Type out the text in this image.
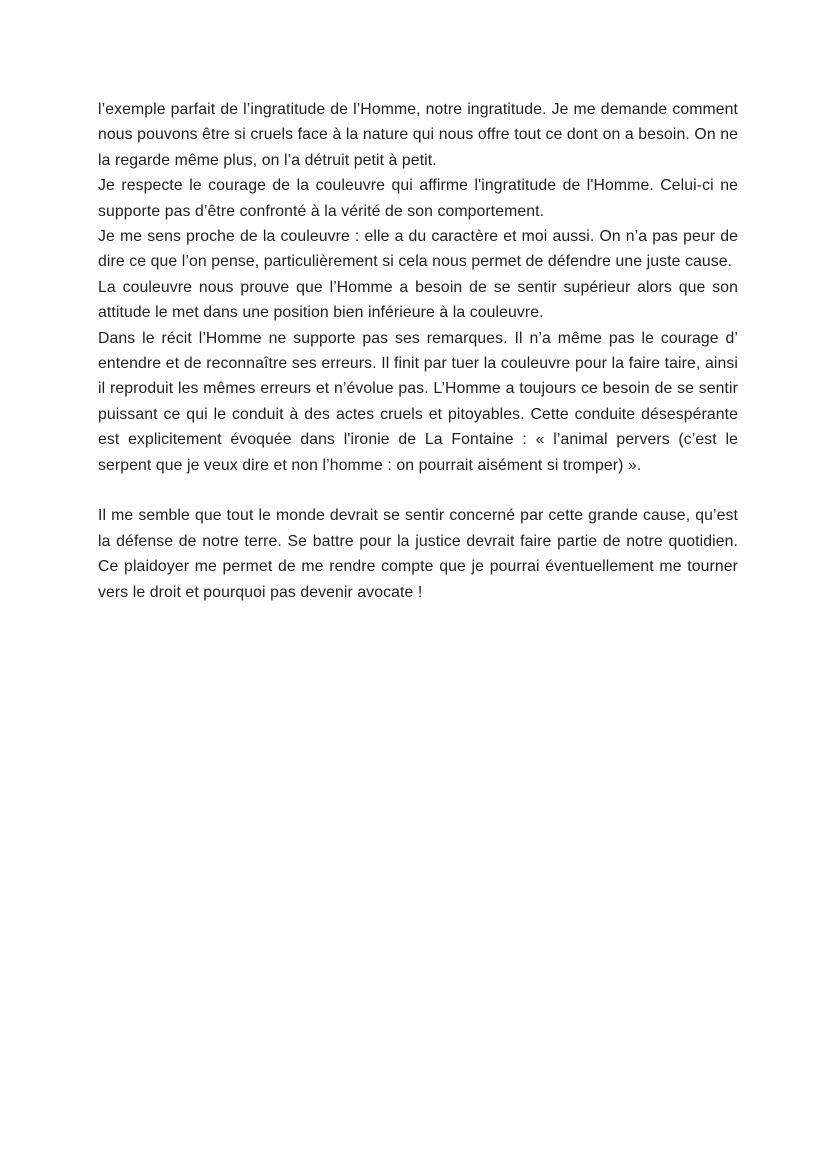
l’exemple parfait de l’ingratitude de l’Homme, notre ingratitude. Je me demande comment nous pouvons être si cruels face à la nature qui nous offre tout ce dont on a besoin. On ne la regarde même plus, on l’a détruit petit à petit.

Je respecte le courage de la couleuvre qui affirme l'ingratitude de l'Homme. Celui-ci ne supporte pas d’être confronté à la vérité de son comportement.

Je me sens proche de la couleuvre : elle a du caractère et moi aussi. On n’a pas peur de dire ce que l’on pense, particulièrement si cela nous permet de défendre une juste cause.

La couleuvre nous prouve que l’Homme a besoin de se sentir supérieur alors que son attitude le met dans une position bien inférieure à la couleuvre.

Dans le récit l’Homme ne supporte pas ses remarques. Il n’a même pas le courage d’ entendre et de reconnaître ses erreurs. Il finit par tuer la couleuvre pour la faire taire, ainsi il reproduit les mêmes erreurs et n’évolue pas. L’Homme a toujours ce besoin de se sentir puissant ce qui le conduit à des actes cruels et pitoyables. Cette conduite désespérante est explicitement évoquée dans l'ironie de La Fontaine : « l’animal pervers (c’est le serpent que je veux dire et non l’homme : on pourrait aisément si tromper) ».

Il me semble que tout le monde devrait se sentir concerné par cette grande cause, qu’est la défense de notre terre. Se battre pour la justice devrait faire partie de notre quotidien. Ce plaidoyer me permet de me rendre compte que je pourrai éventuellement me tourner vers le droit et pourquoi pas devenir avocate !
